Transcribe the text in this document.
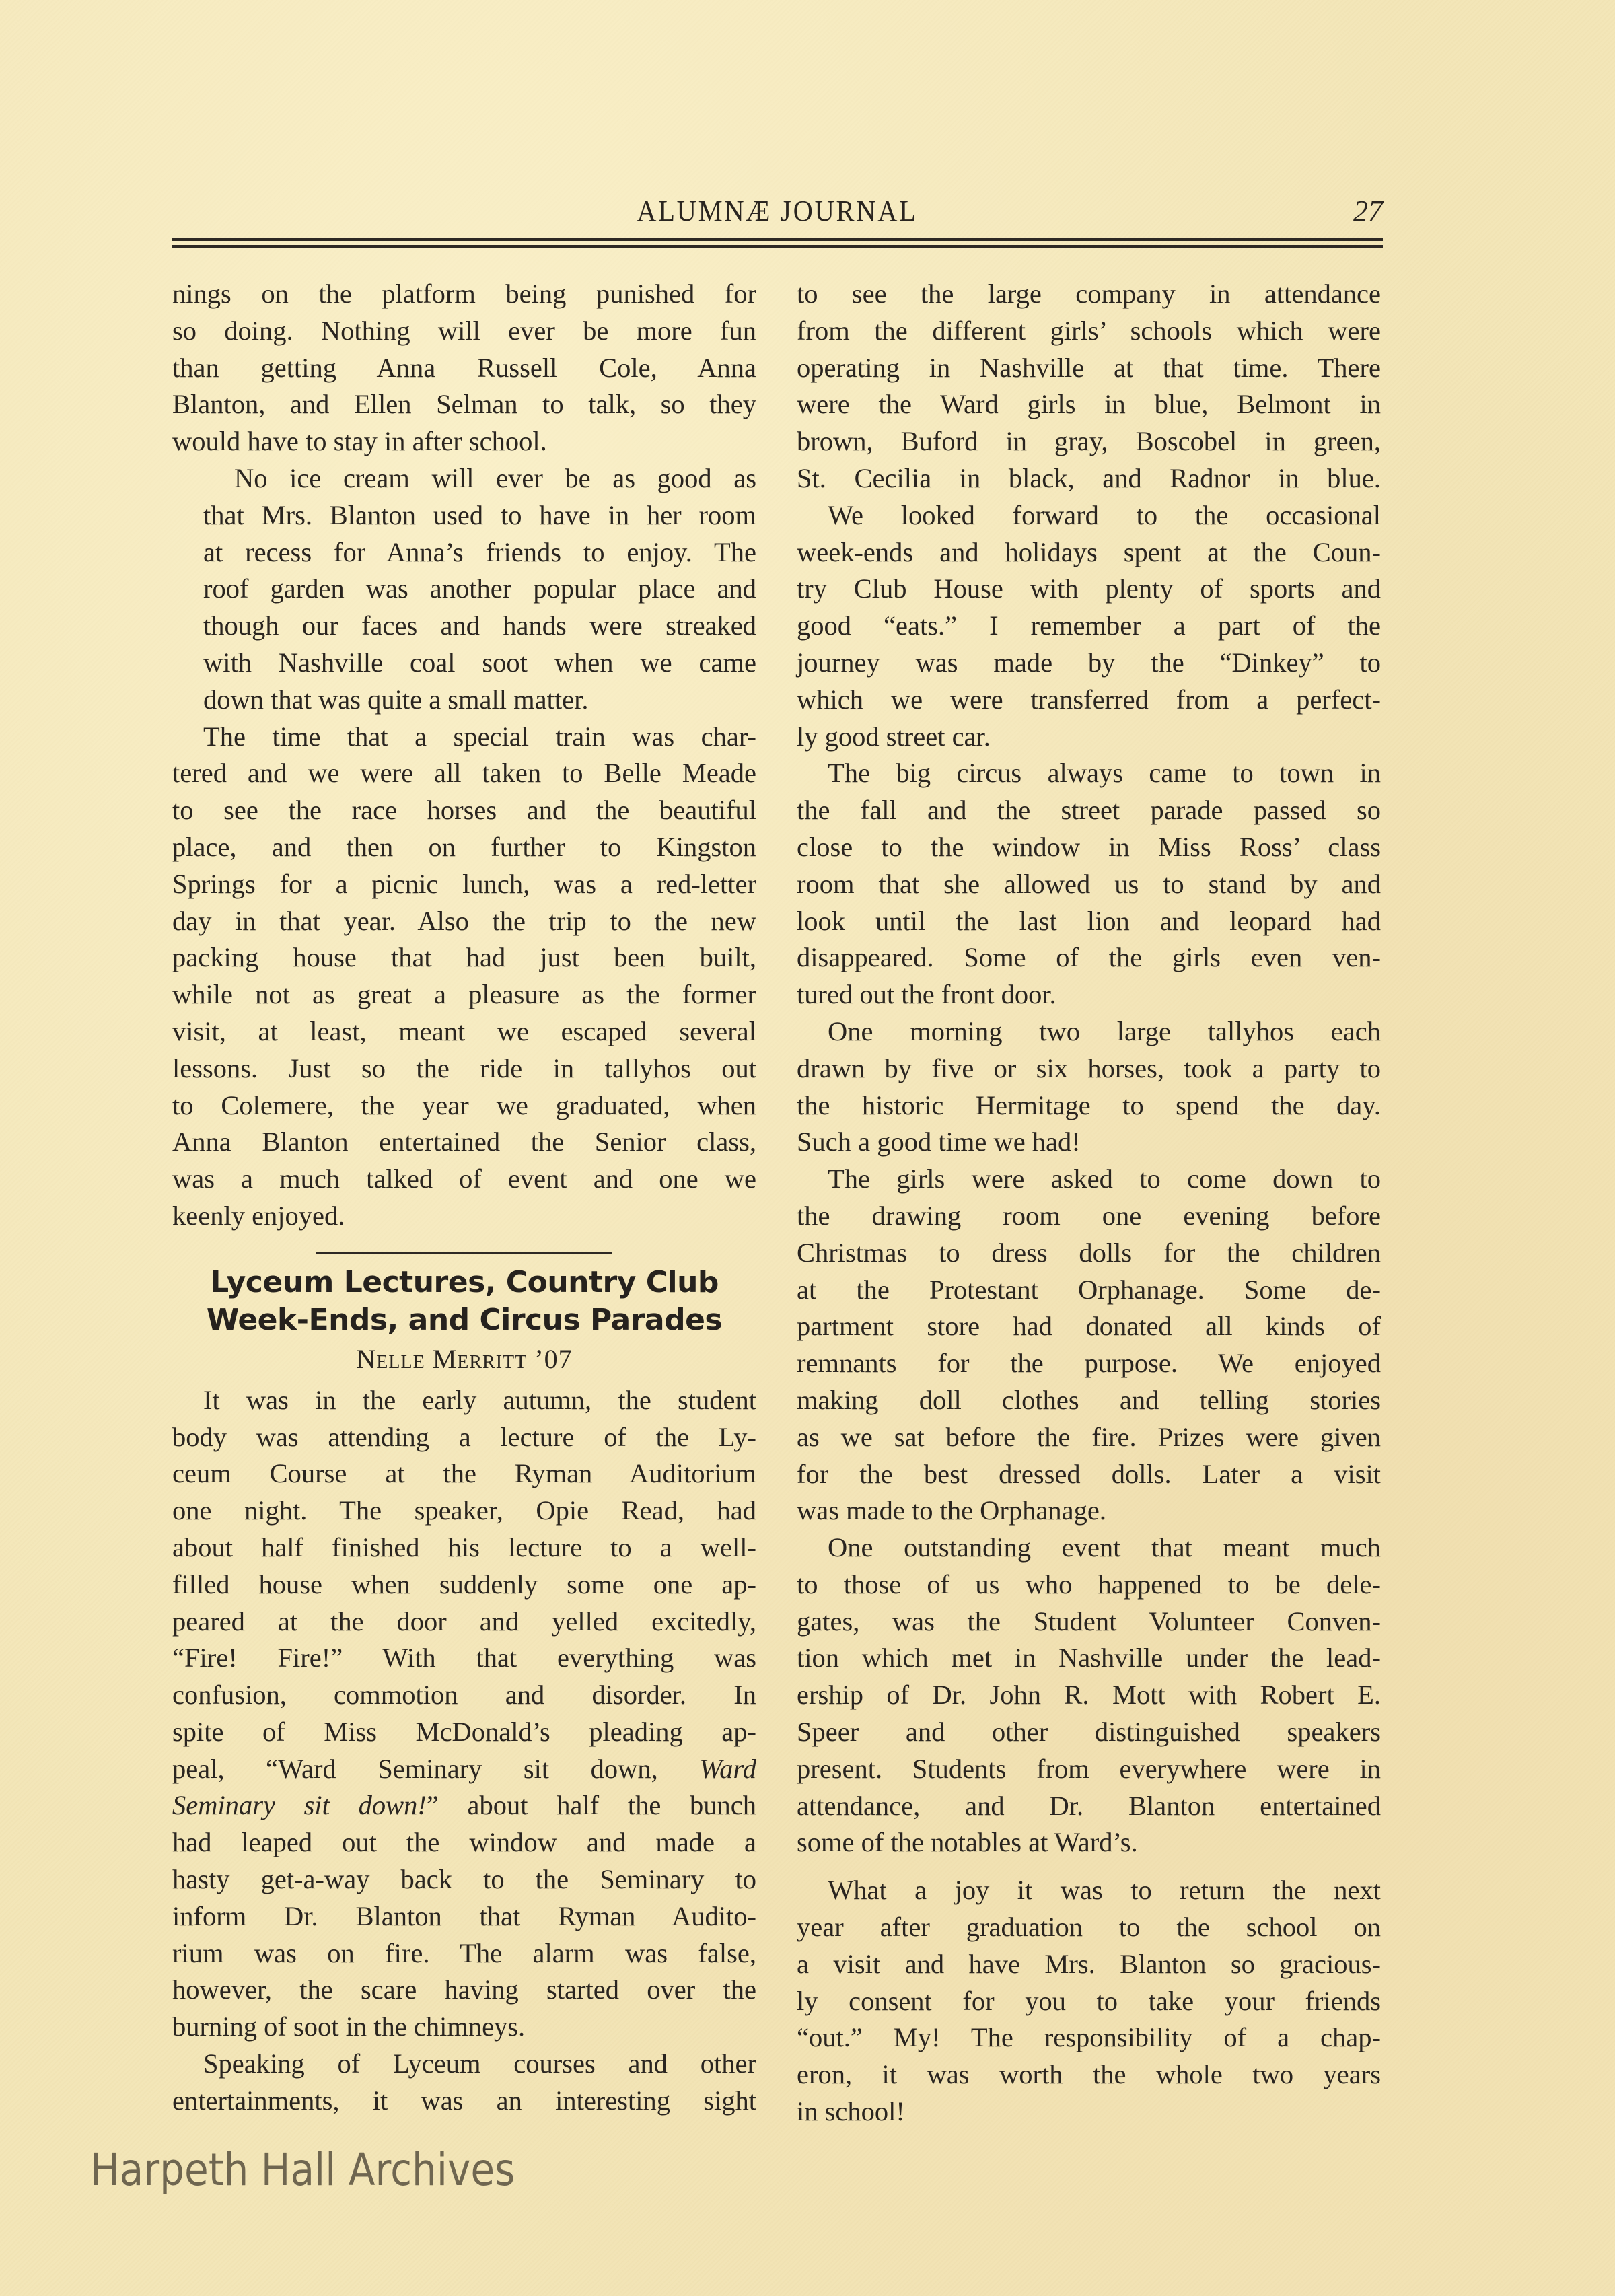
ALUMNÆ JOURNAL	27

nings on the platform being punished for
so doing. Nothing will ever be more fun
than getting Anna Russell Cole, Anna
Blanton, and Ellen Selman to talk, so they
would have to stay in after school.

No ice cream will ever be as good as
that Mrs. Blanton used to have in her room
at recess for Anna’s friends to enjoy. The
roof garden was another popular place and
though our faces and hands were streaked
with Nashville coal soot when we came
down that was quite a small matter.

The time that a special train was char-
tered and we were all taken to Belle Meade
to see the race horses and the beautiful
place, and then on further to Kingston
Springs for a picnic lunch, was a red-letter
day in that year. Also the trip to the new
packing house that had just been built,
while not as great a pleasure as the former
visit, at least, meant we escaped several
lessons. Just so the ride in tallyhos out
to Colemere, the year we graduated, when
Anna Blanton entertained the Senior class,
was a much talked of event and one we
keenly enjoyed.

Lyceum Lectures, Country Club
Week-Ends, and Circus Parades
Nelle Merritt ’07

It was in the early autumn, the student
body was attending a lecture of the Ly-
ceum Course at the Ryman Auditorium
one night. The speaker, Opie Read, had
about half finished his lecture to a well-
filled house when suddenly some one ap-
peared at the door and yelled excitedly,
“Fire! Fire!” With that everything was
confusion, commotion and disorder. In
spite of Miss McDonald’s pleading ap-
peal, “Ward Seminary sit down, Ward
Seminary sit down!” about half the bunch
had leaped out the window and made a
hasty get-a-way back to the Seminary to
inform Dr. Blanton that Ryman Audito-
rium was on fire. The alarm was false,
however, the scare having started over the
burning of soot in the chimneys.

Speaking of Lyceum courses and other
entertainments, it was an interesting sight

to see the large company in attendance
from the different girls’ schools which were
operating in Nashville at that time. There
were the Ward girls in blue, Belmont in
brown, Buford in gray, Boscobel in green,
St. Cecilia in black, and Radnor in blue.

We looked forward to the occasional
week-ends and holidays spent at the Coun-
try Club House with plenty of sports and
good “eats.” I remember a part of the
journey was made by the “Dinkey” to
which we were transferred from a perfect-
ly good street car.

The big circus always came to town in
the fall and the street parade passed so
close to the window in Miss Ross’ class
room that she allowed us to stand by and
look until the last lion and leopard had
disappeared. Some of the girls even ven-
tured out the front door.

One morning two large tallyhos each
drawn by five or six horses, took a party to
the historic Hermitage to spend the day.
Such a good time we had!

The girls were asked to come down to
the drawing room one evening before
Christmas to dress dolls for the children
at the Protestant Orphanage. Some de-
partment store had donated all kinds of
remnants for the purpose. We enjoyed
making doll clothes and telling stories
as we sat before the fire. Prizes were given
for the best dressed dolls. Later a visit
was made to the Orphanage.

One outstanding event that meant much
to those of us who happened to be dele-
gates, was the Student Volunteer Conven-
tion which met in Nashville under the lead-
ership of Dr. John R. Mott with Robert E.
Speer and other distinguished speakers
present. Students from everywhere were in
attendance, and Dr. Blanton entertained
some of the notables at Ward’s.

What a joy it was to return the next
year after graduation to the school on
a visit and have Mrs. Blanton so gracious-
ly consent for you to take your friends
“out.” My! The responsibility of a chap-
eron, it was worth the whole two years
in school!

Harpeth Hall Archives
